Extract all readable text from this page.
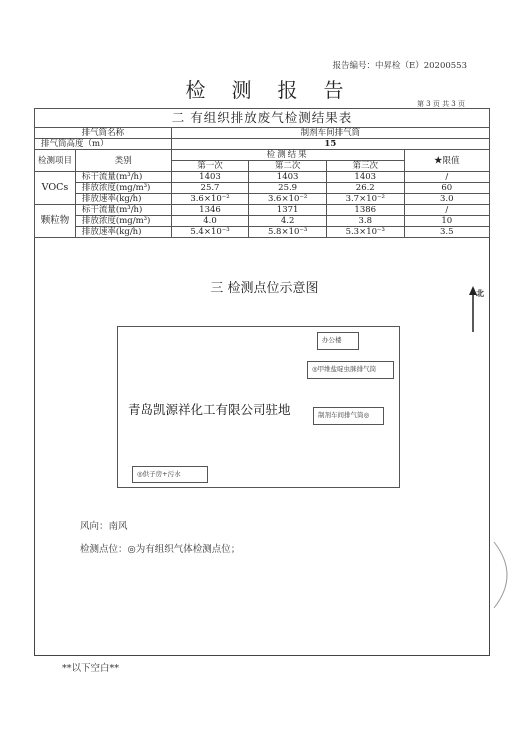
报告编号：中昇检（E）20200553
检测报告
第 3 页 共 3 页
二 有组织排放废气检测结果表					
排气筒名称		制剂车间排气筒			
排气筒高度（m）		15			
检测项目	类别	检测结果			★限值
		第一次	第二次	第三次	
VOCs	标干流量(m³/h)	1403	1403	1403	/
	排放浓度(mg/m³)	25.7	25.9	26.2	60
	排放速率(kg/h)	3.6×10⁻²	3.6×10⁻²	3.7×10⁻²	3.0
颗粒物	标干流量(m³/h)	1346	1371	1386	/
	排放浓度(mg/m³)	4.0	4.2	3.8	10
	排放速率(kg/h)	5.4×10⁻³	5.8×10⁻³	5.3×10⁻³	3.5
三 检测点位示意图	北
办公楼
◎甲维盐啶虫脒排气筒
制剂车间排气筒◎
青岛凯源祥化工有限公司驻地
◎供子房+污水
风向：南风
检测点位：◎为有组织气体检测点位；
**以下空白**
